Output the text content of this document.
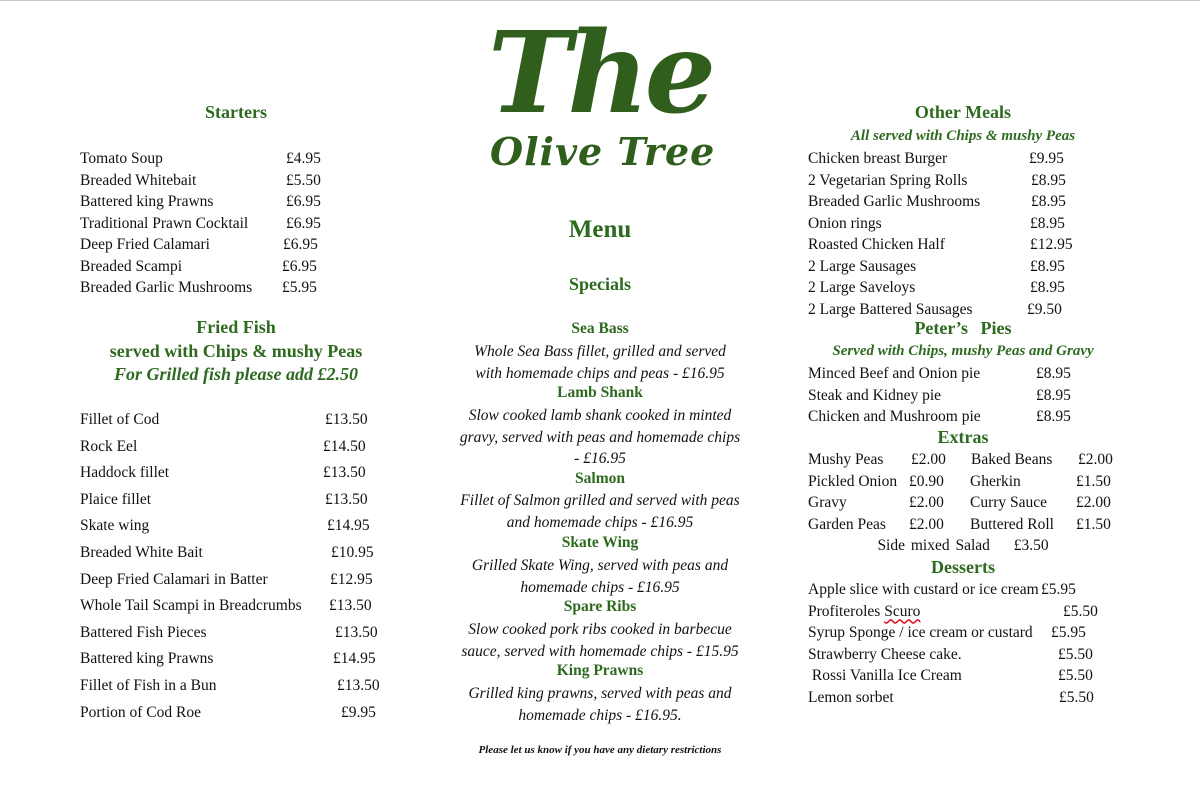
Starters
Tomato Soup	£4.95
Breaded Whitebait	£5.50
Battered king Prawns	£6.95
Traditional Prawn Cocktail £6.95
Deep Fried Calamari	£6.95
Breaded Scampi	£6.95
Breaded Garlic Mushrooms £5.95
Fried Fish
served with Chips & mushy Peas
For Grilled fish please add £2.50
Fillet of Cod	£13.50
Rock Eel	£14.50
Haddock fillet	£13.50
Plaice fillet	£13.50
Skate wing	£14.95
Breaded White Bait	£10.95
Deep Fried Calamari in Batter	£12.95
Whole Tail Scampi in Breadcrumbs £13.50
Battered Fish Pieces	£13.50
Battered king Prawns	£14.95
Fillet of Fish in a Bun	£13.50
Portion of Cod Roe	£9.95
The
Olive Tree
Menu
Specials
Sea Bass
Whole Sea Bass fillet, grilled and served
with homemade chips and peas - £16.95
Lamb Shank
Slow cooked lamb shank cooked in minted
gravy, served with peas and homemade chips
- £16.95
Salmon
Fillet of Salmon grilled and served with peas
and homemade chips - £16.95
Skate Wing
Grilled Skate Wing, served with peas and
homemade chips - £16.95
Spare Ribs
Slow cooked pork ribs cooked in barbecue
sauce, served with homemade chips - £15.95
King Prawns
Grilled king prawns, served with peas and
homemade chips - £16.95.
Please let us know if you have any dietary restrictions
Other Meals
All served with Chips & mushy Peas
Chicken breast Burger	£9.95
2 Vegetarian Spring Rolls	£8.95
Breaded Garlic Mushrooms	£8.95
Onion rings	£8.95
Roasted Chicken Half	£12.95
2 Large Sausages	£8.95
2 Large Saveloys	£8.95
2 Large Battered Sausages	£9.50
Peter’s Pies
Served with Chips, mushy Peas and Gravy
Minced Beef and Onion pie	£8.95
Steak and Kidney pie	£8.95
Chicken and Mushroom pie	£8.95
Extras
Mushy Peas £2.00 Baked Beans £2.00
Pickled Onion £0.90 Gherkin	£1.50
Gravy	£2.00 Curry Sauce £2.00
Garden Peas £2.00 Buttered Roll £1.50
Side mixed Salad £3.50
Desserts
Apple slice with custard or ice cream £5.95
Profiteroles Scuro	£5.50
Syrup Sponge / ice cream or custard £5.95
Strawberry Cheese cake.	£5.50
Rossi Vanilla Ice Cream	£5.50
Lemon sorbet	£5.50
